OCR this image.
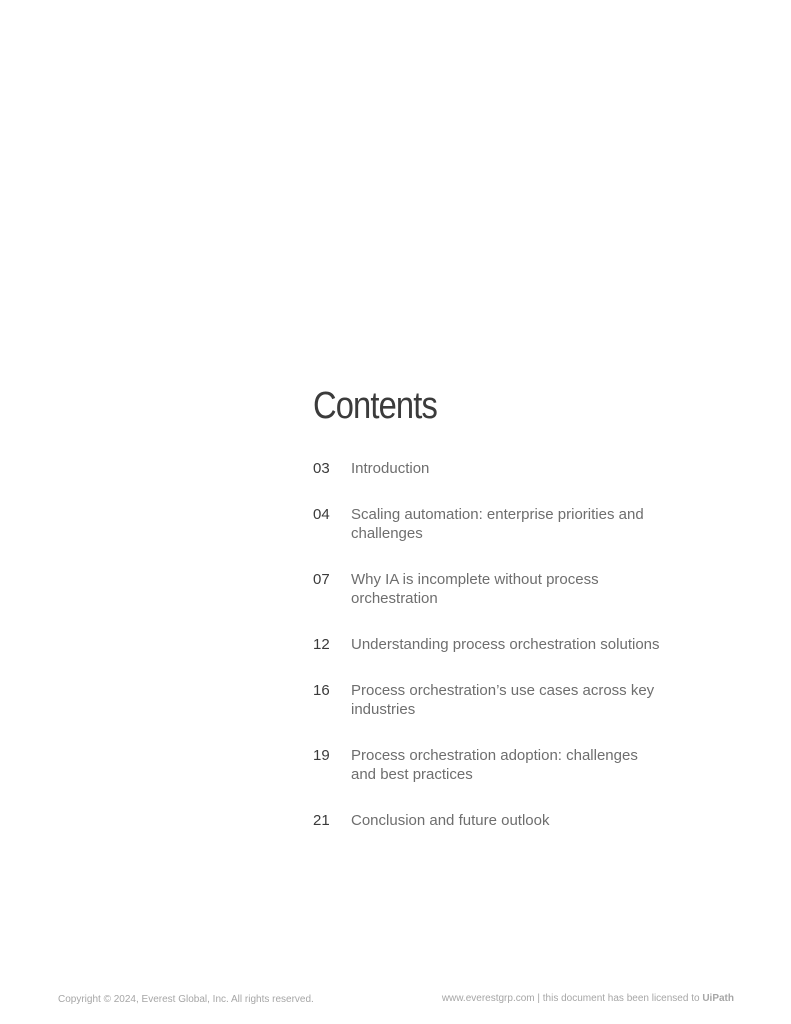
Contents
03	Introduction
04	Scaling automation: enterprise priorities and challenges
07	Why IA is incomplete without process orchestration
12	Understanding process orchestration solutions
16	Process orchestration’s use cases across key industries
19	Process orchestration adoption: challenges and best practices
21	Conclusion and future outlook
Copyright © 2024, Everest Global, Inc. All rights reserved.	www.everestgrp.com | this document has been licensed to UiPath
